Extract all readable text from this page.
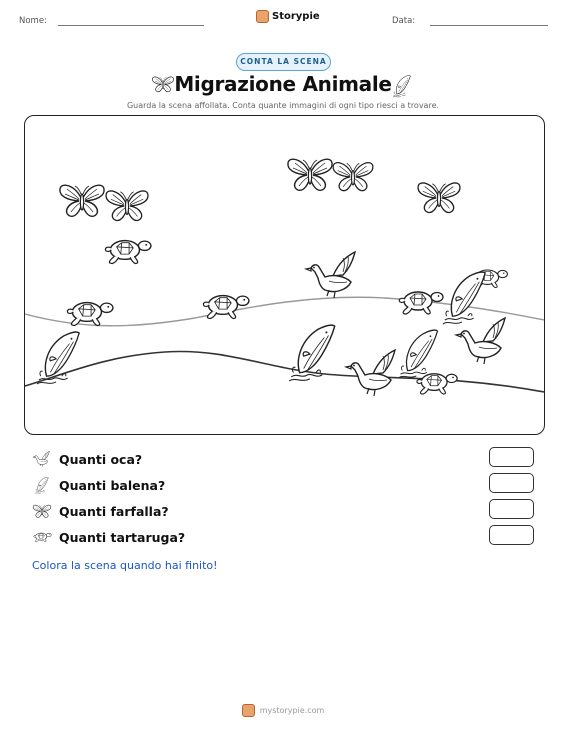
Nome:	Storypie	Data:
CONTA LA SCENA
Migrazione Animale
Guarda la scena affollata. Conta quante immagini di ogni tipo riesci a trovare.
Quanti oca?
Quanti balena?
Quanti farfalla?
Quanti tartaruga?
Colora la scena quando hai finito!
mystorypie.com
